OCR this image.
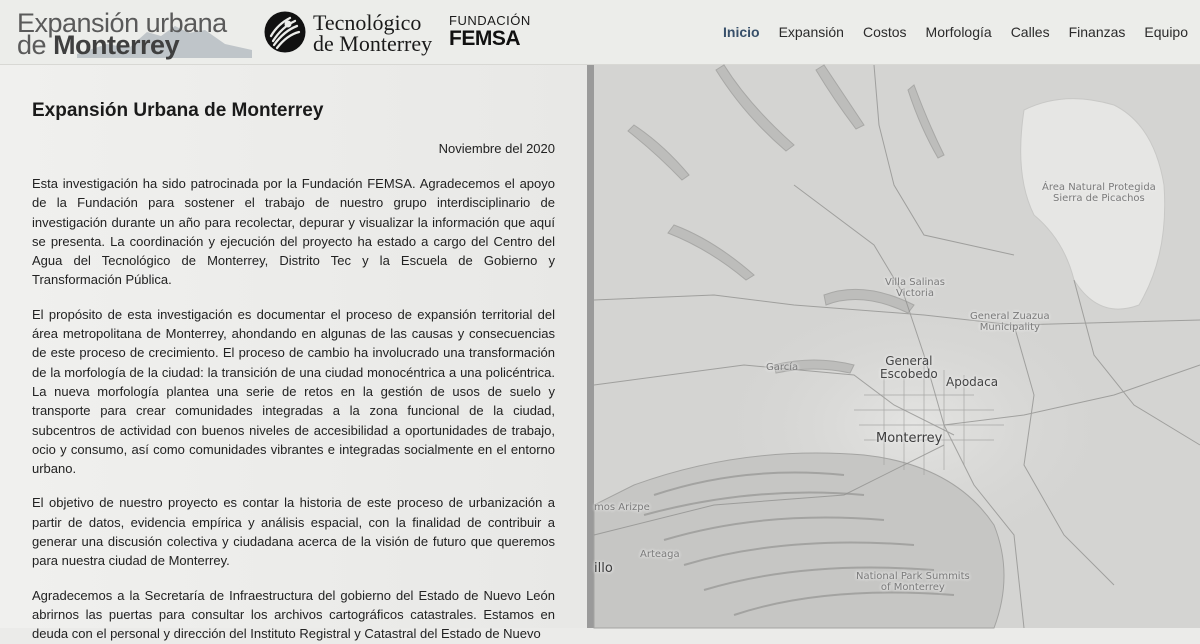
Expansión urbana
de Monterrey
Tecnológico
de Monterrey
FUNDACIÓN
FEMSA	Inicio Expansión Costos Morfología Calles Finanzas Equipo
Expansión Urbana de Monterrey
Noviembre del 2020

Esta investigación ha sido patrocinada por la Fundación FEMSA. Agradecemos el apoyo de la Fundación para sostener el trabajo de nuestro grupo interdisciplinario de investigación durante un año para recolectar, depurar y visualizar la información que aquí se presenta. La coordinación y ejecución del proyecto ha estado a cargo del Centro del Agua del Tecnológico de Monterrey, Distrito Tec y la Escuela de Gobierno y Transformación Pública.

El propósito de esta investigación es documentar el proceso de expansión territorial del área metropolitana de Monterrey, ahondando en algunas de las causas y consecuencias de este proceso de crecimiento. El proceso de cambio ha involucrado una transformación de la morfología de la ciudad: la transición de una ciudad monocéntrica a una policéntrica. La nueva morfología plantea una serie de retos en la gestión de usos de suelo y transporte para crear comunidades integradas a la zona funcional de la ciudad, subcentros de actividad con buenos niveles de accesibilidad a oportunidades de trabajo, ocio y consumo, así como comunidades vibrantes e integradas socialmente en el entorno urbano.

El objetivo de nuestro proyecto es contar la historia de este proceso de urbanización a partir de datos, evidencia empírica y análisis espacial, con la finalidad de contribuir a generar una discusión colectiva y ciudadana acerca de la visión de futuro que queremos para nuestra ciudad de Monterrey.

Agradecemos a la Secretaría de Infraestructura del gobierno del Estado de Nuevo León abrirnos las puertas para consultar los archivos cartográficos catastrales. Estamos en deuda con el personal y dirección del Instituto Registral y Catastral del Estado de Nuevo

Área Natural Protegida
Sierra de Picachos
Villa Salinas
Victoria
General Zuazua
Municipality
García	General
Escobedo
Apodaca
Monterrey
mos Arizpe
Arteaga
illo
National Park Summits
of Monterrey
